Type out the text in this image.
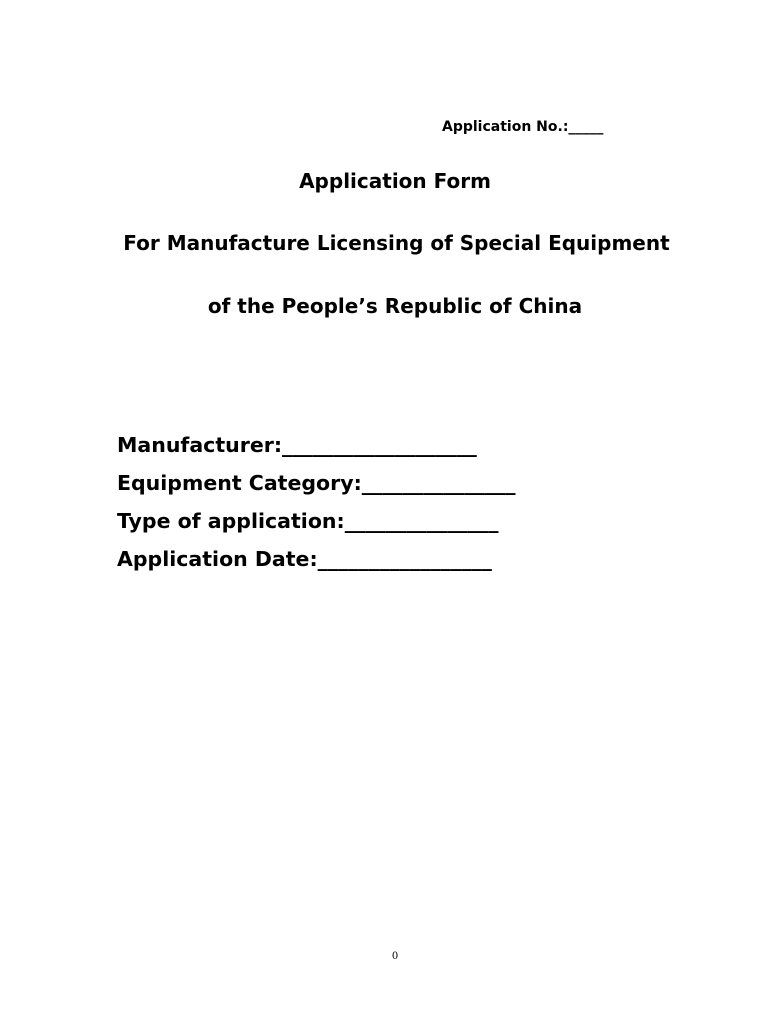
Application No.:_____
Application Form
For Manufacture Licensing of Special Equipment
of the People’s Republic of China
Manufacturer:___________________
Equipment Category:_______________
Type of application:_______________
Application Date:_________________
0
